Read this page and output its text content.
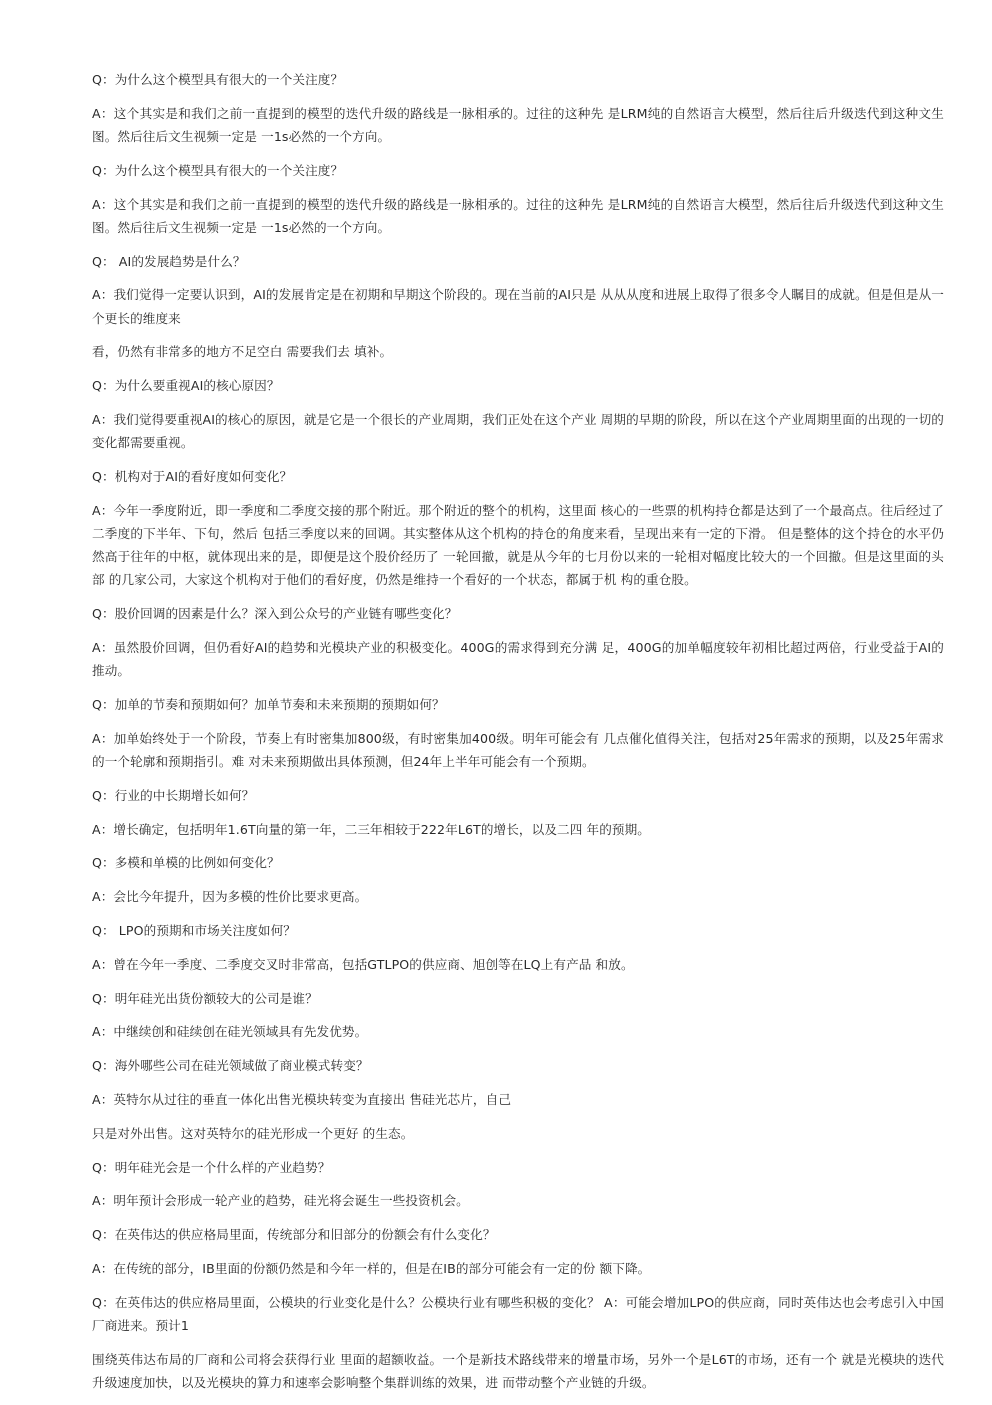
Q：为什么这个模型具有很大的一个关注度？

A：这个其实是和我们之前一直提到的模型的迭代升级的路线是一脉相承的。过往的这种先 是LRM纯的自然语言大模型，然后往后升级迭代到这种文生图。然后往后文生视频一定是 一1s必然的一个方向。

Q：为什么这个模型具有很大的一个关注度？

A：这个其实是和我们之前一直提到的模型的迭代升级的路线是一脉相承的。过往的这种先 是LRM纯的自然语言大模型，然后往后升级迭代到这种文生图。然后往后文生视频一定是 一1s必然的一个方向。

Q： AI的发展趋势是什么？

A：我们觉得一定要认识到，AI的发展肯定是在初期和早期这个阶段的。现在当前的AI只是 从从从度和进展上取得了很多令人瞩目的成就。但是但是从一个更长的维度来

看，仍然有非常多的地方不足空白 需要我们去 填补。

Q：为什么要重视AI的核心原因？

A：我们觉得要重视AI的核心的原因，就是它是一个很长的产业周期，我们正处在这个产业 周期的早期的阶段，所以在这个产业周期里面的出现的一切的变化都需要重视。

Q：机构对于AI的看好度如何变化？

A：今年一季度附近，即一季度和二季度交接的那个附近。那个附近的整个的机构，这里面 核心的一些票的机构持仓都是达到了一个最高点。往后经过了二季度的下半年、下旬，然后 包括三季度以来的回调。其实整体从这个机构的持仓的角度来看，呈现出来有一定的下滑。 但是整体的这个持仓的水平仍然高于往年的中枢，就体现出来的是，即便是这个股价经历了 一轮回撤，就是从今年的七月份以来的一轮相对幅度比较大的一个回撤。但是这里面的头部 的几家公司，大家这个机构对于他们的看好度，仍然是维持一个看好的一个状态，都属于机 构的重仓股。

Q：股价回调的因素是什么？深入到公众号的产业链有哪些变化？

A：虽然股价回调，但仍看好AI的趋势和光模块产业的积极变化。400G的需求得到充分满 足，400G的加单幅度较年初相比超过两倍，行业受益于AI的推动。

Q：加单的节奏和预期如何？加单节奏和未来预期的预期如何？

A：加单始终处于一个阶段，节奏上有时密集加800级，有时密集加400级。明年可能会有 几点催化值得关注，包括对25年需求的预期，以及25年需求的一个轮廓和预期指引。难 对未来预期做出具体预测，但24年上半年可能会有一个预期。

Q：行业的中长期增长如何？

A：增长确定，包括明年1.6T向量的第一年，二三年相较于222年L6T的增长，以及二四 年的预期。

Q：多模和单模的比例如何变化？

A：会比今年提升，因为多模的性价比要求更高。

Q： LPO的预期和市场关注度如何？

A：曾在今年一季度、二季度交叉时非常高，包括GTLPO的供应商、旭创等在LQ上有产品 和放。

Q：明年硅光出货份额较大的公司是谁？

A：中继续创和硅续创在硅光领域具有先发优势。

Q：海外哪些公司在硅光领域做了商业模式转变？

A：英特尔从过往的垂直一体化出售光模块转变为直接出 售硅光芯片，自己

只是对外出售。这对英特尔的硅光形成一个更好 的生态。

Q：明年硅光会是一个什么样的产业趋势？

A：明年预计会形成一轮产业的趋势，硅光将会诞生一些投资机会。

Q：在英伟达的供应格局里面，传统部分和旧部分的份额会有什么变化？

A：在传统的部分，IB里面的份额仍然是和今年一样的，但是在IB的部分可能会有一定的份 额下降。

Q：在英伟达的供应格局里面，公模块的行业变化是什么？公模块行业有哪些积极的变化？ A：可能会增加LPO的供应商，同时英伟达也会考虑引入中国厂商进来。预计1

围绕英伟达布局的厂商和公司将会获得行业 里面的超额收益。一个是新技术路线带来的增量市场，另外一个是L6T的市场，还有一个 就是光模块的迭代升级速度加快，以及光模块的算力和速率会影响整个集群训练的效果，进 而带动整个产业链的升级。
